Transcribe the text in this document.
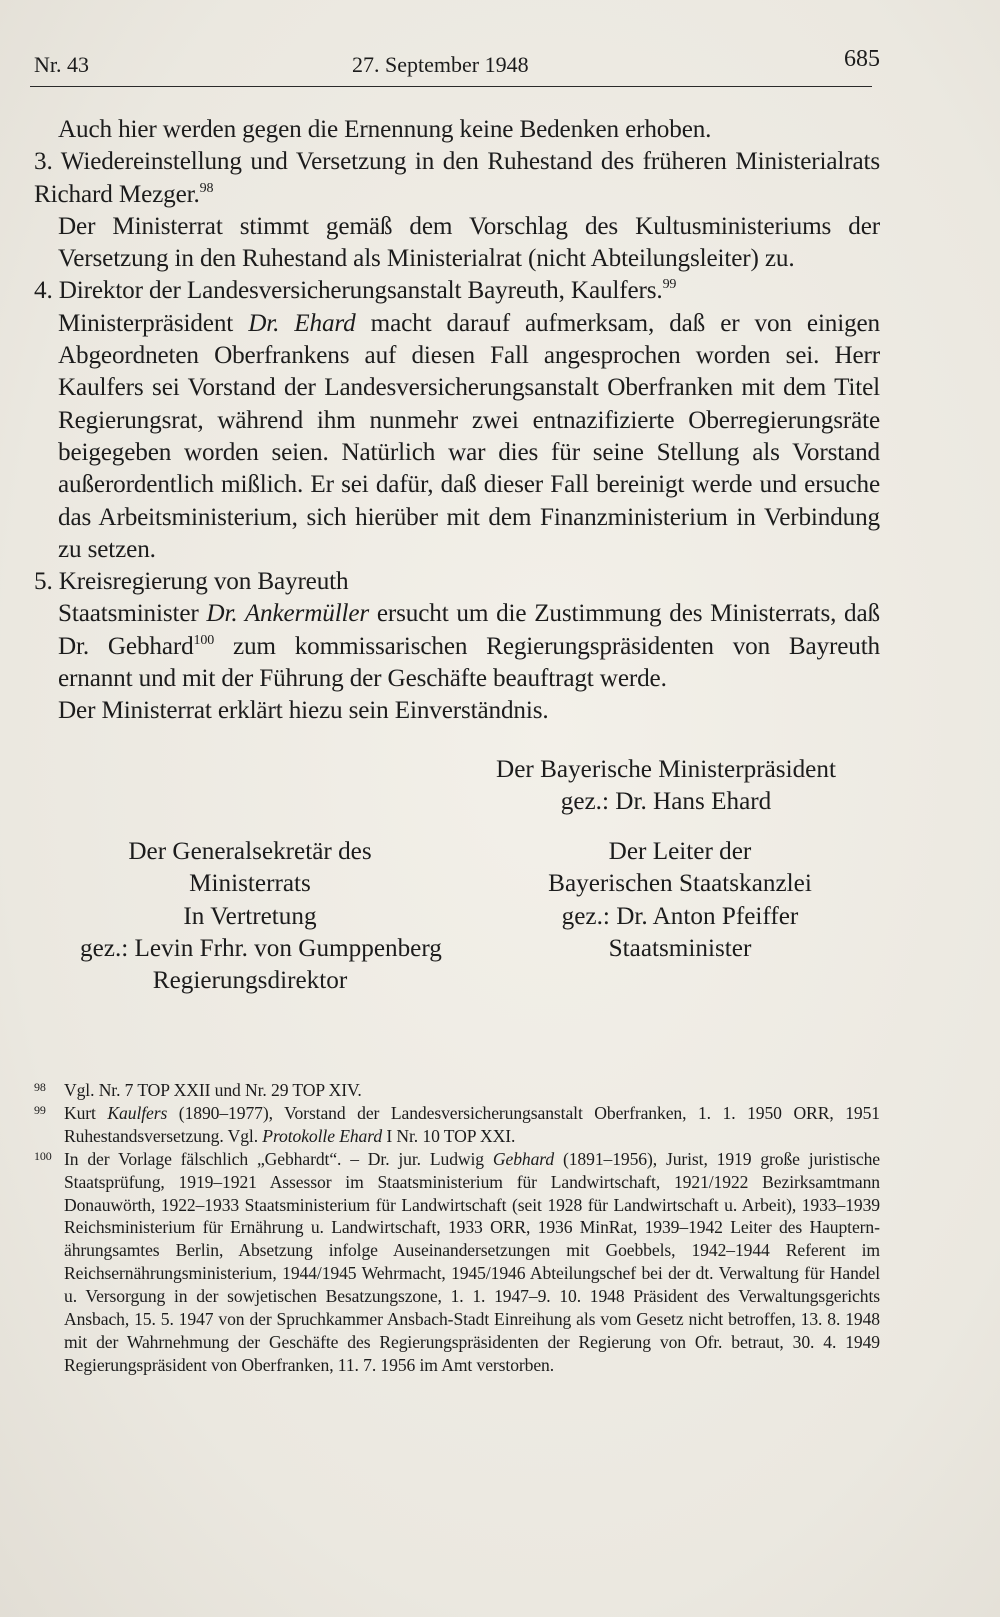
Nr. 43	27. September 1948	685

Auch hier werden gegen die Ernennung keine Bedenken erhoben.

3. Wiedereinstellung und Versetzung in den Ruhestand des früheren Ministerialrats Richard Mezger.$^{98}$

Der Ministerrat stimmt gemäß dem Vorschlag des Kultusministeriums der Versetzung in den Ruhestand als Ministerialrat (nicht Abteilungsleiter) zu.

4. Direktor der Landesversicherungsanstalt Bayreuth, Kaulfers.$^{99}$

Ministerpräsident Dr. Ehard macht darauf aufmerksam, daß er von einigen Abgeordneten Oberfrankens auf diesen Fall angesprochen worden sei. Herr Kaulfers sei Vorstand der Landesversicherungsanstalt Oberfranken mit dem Titel Regierungsrat, während ihm nunmehr zwei entnazifizierte Oberregierungsräte beigegeben worden seien. Natürlich war dies für seine Stellung als Vorstand außerordentlich mißlich. Er sei dafür, daß dieser Fall bereinigt werde und ersuche das Arbeitsministerium, sich hierüber mit dem Finanzministerium in Verbindung zu setzen.

5. Kreisregierung von Bayreuth

Staatsminister Dr. Ankermüller ersucht um die Zustimmung des Ministerrats, daß Dr. Gebhard$^{100}$ zum kommissarischen Regierungspräsidenten von Bayreuth ernannt und mit der Führung der Geschäfte beauftragt werde.

Der Ministerrat erklärt hiezu sein Einverständnis.

Der Bayerische Ministerpräsident
gez.: Dr. Hans Ehard
Der Generalsekretär des
Ministerrats
In Vertretung
gez.: Levin Frhr. von Gumppenberg
Regierungsdirektor
Der Leiter der
Bayerischen Staatskanzlei
gez.: Dr. Anton Pfeiffer
Staatsminister

98 Vgl. Nr. 7 TOP XXII und Nr. 29 TOP XIV.

99 Kurt Kaulfers (1890–1977), Vorstand der Landesversicherungsanstalt Oberfranken, 1. 1. 1950 ORR, 1951 Ruhestandsversetzung. Vgl. Protokolle Ehard I Nr. 10 TOP XXI.

100 In der Vorlage fälschlich „Gebhardt“. – Dr. jur. Ludwig Gebhard (1891–1956), Jurist, 1919 große juristische Staatsprüfung, 1919–1921 Assessor im Staatsministerium für Landwirtschaft, 1921/1922 Bezirksamtmann Donauwörth, 1922–1933 Staatsministerium für Landwirtschaft (seit 1928 für Landwirtschaft u. Arbeit), 1933–1939 Reichsministerium für Ernährung u. Landwirtschaft, 1933 ORR, 1936 MinRat, 1939–1942 Leiter des Haupternährungsamtes Berlin, Absetzung infolge Auseinandersetzungen mit Goebbels, 1942–1944 Referent im Reichsernährungsministerium, 1944/1945 Wehrmacht, 1945/1946 Abteilungschef bei der dt. Verwaltung für Handel u. Versorgung in der sowjetischen Besatzungszone, 1. 1. 1947–9. 10. 1948 Präsident des Verwaltungsgerichts Ansbach, 15. 5. 1947 von der Spruchkammer Ansbach-Stadt Einreihung als vom Gesetz nicht betroffen, 13. 8. 1948 mit der Wahrnehmung der Geschäfte des Regierungspräsidenten der Regierung von Ofr. betraut, 30. 4. 1949 Regierungspräsident von Oberfranken, 11. 7. 1956 im Amt verstorben.
